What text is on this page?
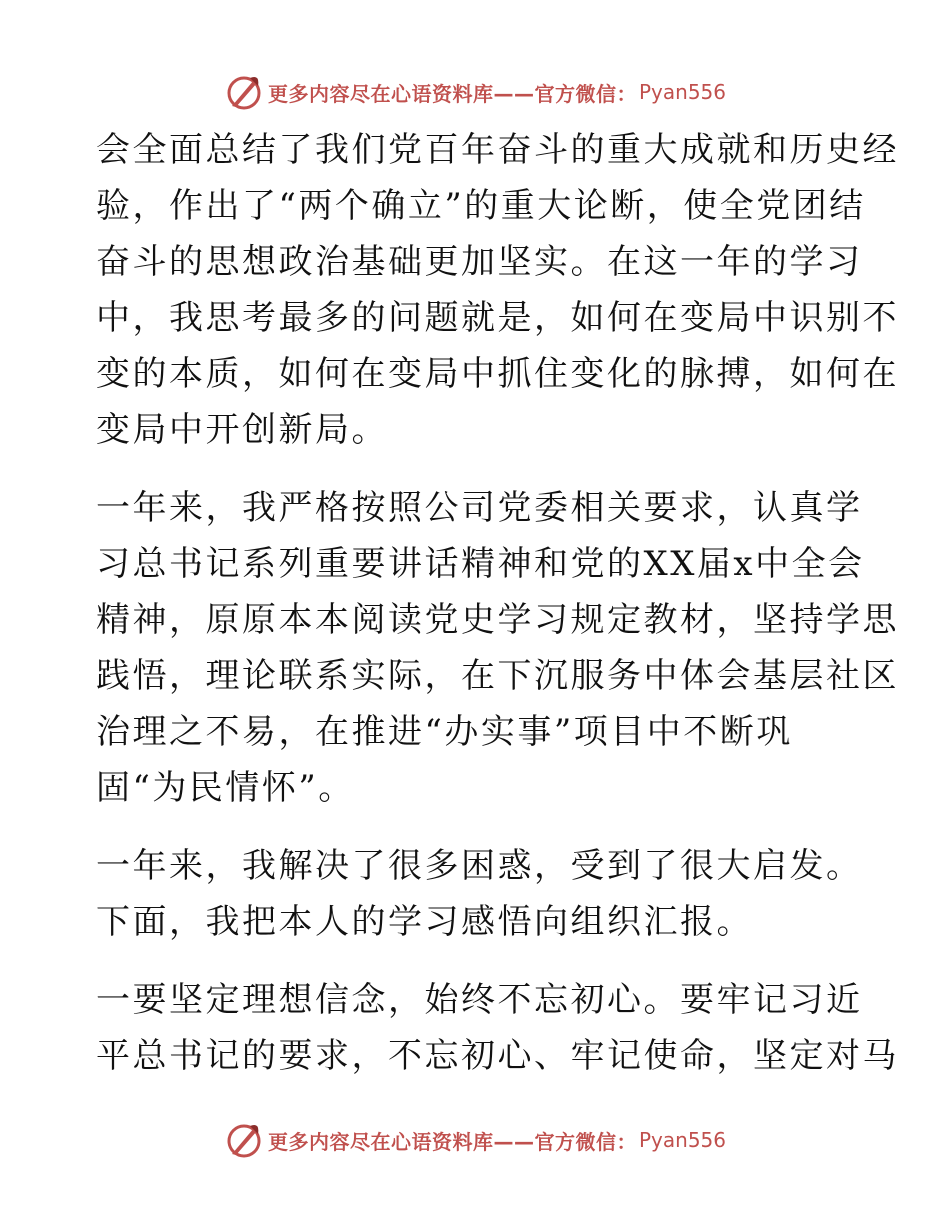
更多内容尽在心语资料库——官方微信： Pyan556
会全面总结了我们党百年奋斗的重大成就和历史经
验，作出了“两个确立”的重大论断，使全党团结
奋斗的思想政治基础更加坚实。在这一年的学习
中，我思考最多的问题就是，如何在变局中识别不
变的本质，如何在变局中抓住变化的脉搏，如何在
变局中开创新局。
一年来，我严格按照公司党委相关要求，认真学
习总书记系列重要讲话精神和党的XX届x中全会
精神，原原本本阅读党史学习规定教材，坚持学思
践悟，理论联系实际，在下沉服务中体会基层社区
治理之不易，在推进“办实事”项目中不断巩
固“为民情怀”。
一年来，我解决了很多困惑，受到了很大启发。
下面，我把本人的学习感悟向组织汇报。
一要坚定理想信念，始终不忘初心。要牢记习近
平总书记的要求，不忘初心、牢记使命，坚定对马
更多内容尽在心语资料库——官方微信： Pyan556
